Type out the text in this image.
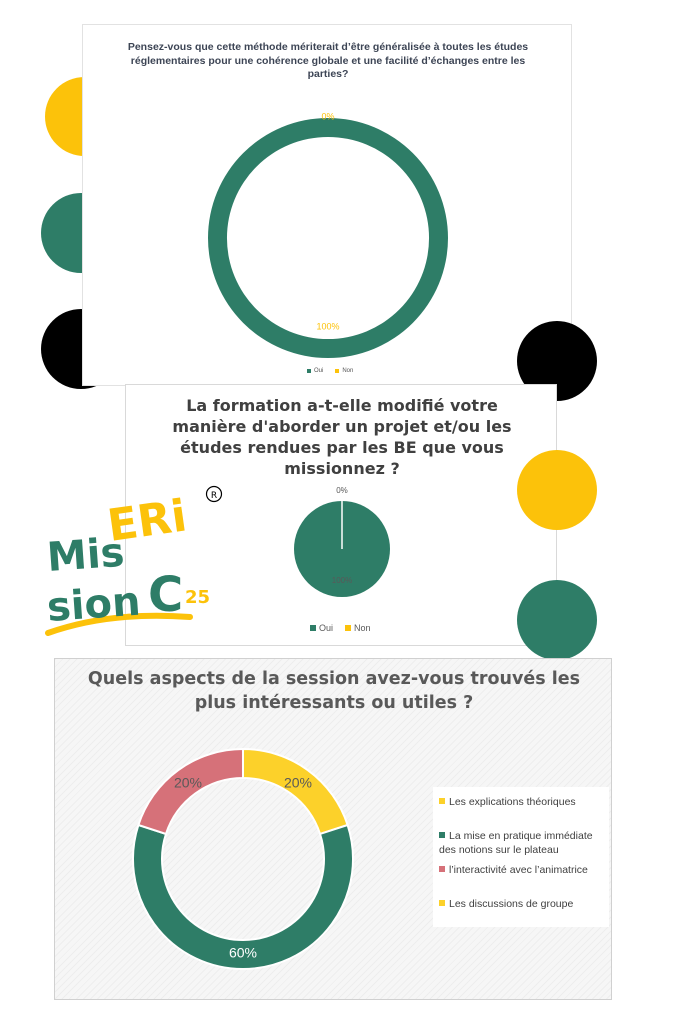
Pensez-vous que cette méthode mériterait d’être généralisée à toutes les études réglementaires pour une cohérence globale et une facilité d’échanges entre les parties?

100%
0%
Oui	Non

La formation a-t-elle modifié votre manière d'aborder un projet et/ou les études rendues par les BE que vous missionnez ?

100%
0%
Oui Non
Mis
sion
ERi
C 25
R

Quels aspects de la session avez-vous trouvés les plus intéressants ou utiles ?

20%
60%
20%
Les explications théoriques
La mise en pratique immédiate des notions sur le plateau
l’interactivité avec l’animatrice
Les discussions de groupe
